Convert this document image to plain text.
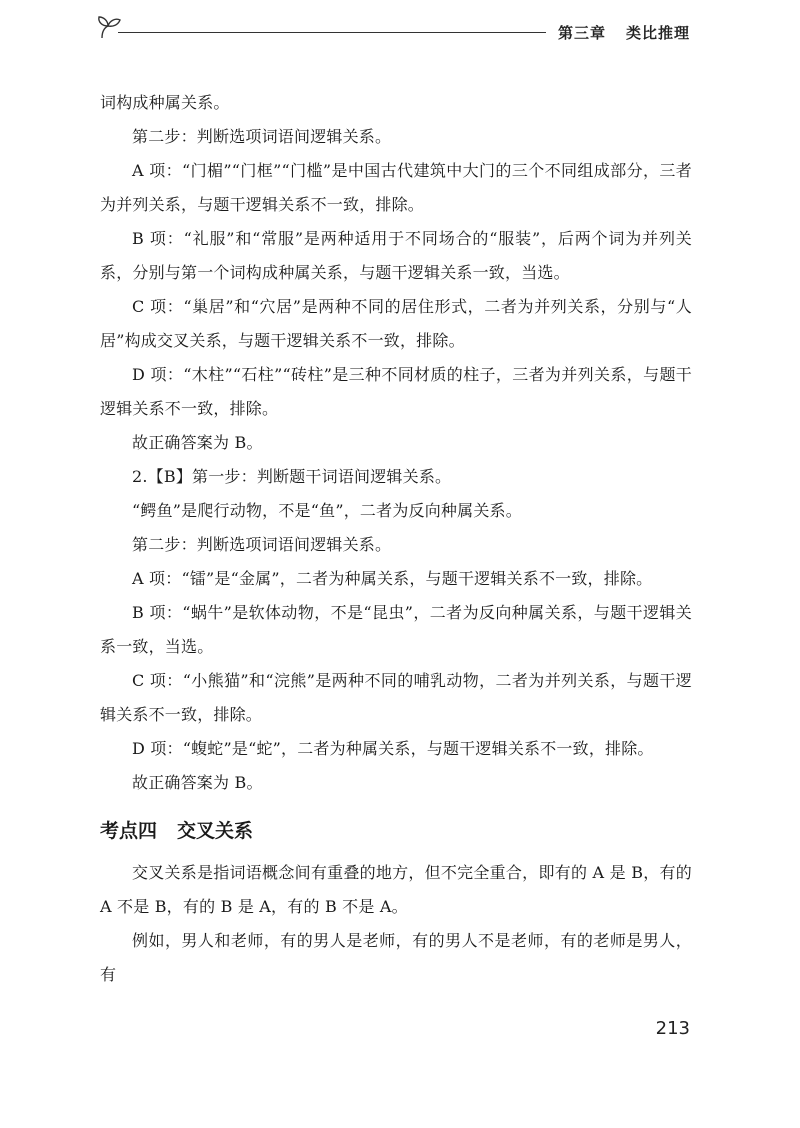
第三章 类比推理

词构成种属关系。

第二步：判断选项词语间逻辑关系。

A 项：“门楣”“门框”“门槛”是中国古代建筑中大门的三个不同组成部分，三者为并列关系，与题干逻辑关系不一致，排除。

B 项：“礼服”和“常服”是两种适用于不同场合的“服装”，后两个词为并列关系，分别与第一个词构成种属关系，与题干逻辑关系一致，当选。

C 项：“巢居”和“穴居”是两种不同的居住形式，二者为并列关系，分别与“人居”构成交叉关系，与题干逻辑关系不一致，排除。

D 项：“木柱”“石柱”“砖柱”是三种不同材质的柱子，三者为并列关系，与题干逻辑关系不一致，排除。

故正确答案为 B。

2.【B】第一步：判断题干词语间逻辑关系。

“鳄鱼”是爬行动物，不是“鱼”，二者为反向种属关系。

第二步：判断选项词语间逻辑关系。

A 项：“镭”是“金属”，二者为种属关系，与题干逻辑关系不一致，排除。

B 项：“蜗牛”是软体动物，不是“昆虫”，二者为反向种属关系，与题干逻辑关系一致，当选。

C 项：“小熊猫”和“浣熊”是两种不同的哺乳动物，二者为并列关系，与题干逻辑关系不一致，排除。

D 项：“蝮蛇”是“蛇”，二者为种属关系，与题干逻辑关系不一致，排除。

故正确答案为 B。

考点四 交叉关系

交叉关系是指词语概念间有重叠的地方，但不完全重合，即有的 A 是 B，有的 A 不是 B，有的 B 是 A，有的 B 不是 A。

例如，男人和老师，有的男人是老师，有的男人不是老师，有的老师是男人，有

213
